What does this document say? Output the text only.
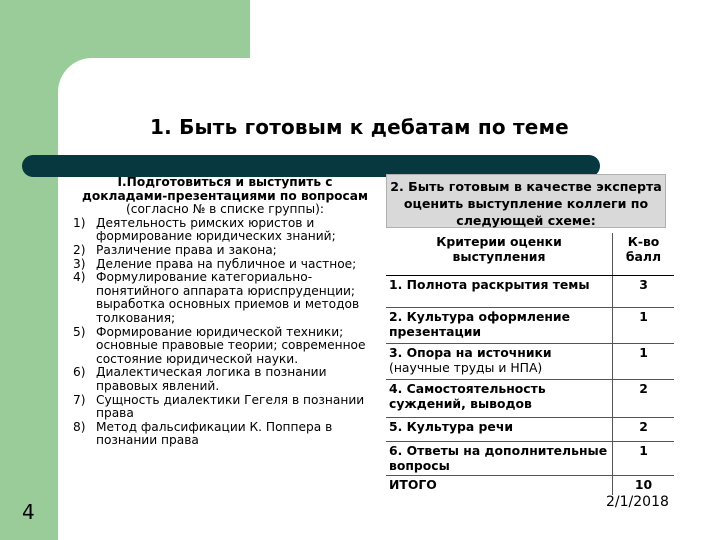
1. Быть готовым к дебатам по теме
I.Подготовиться и выступить с докладами-презентациями по вопросам
(согласно № в списке группы):
1) Деятельность римских юристов и формирование юридических знаний;
2) Различение права и закона;
3) Деление права на публичное и частное;
4) Формулирование категориально-понятийного аппарата юриспруденции; выработка основных приемов и методов толкования;
5) Формирование юридической техники; основные правовые теории; современное состояние юридической науки.
6) Диалектическая логика в познании правовых явлений.
7) Сущность диалектики Гегеля в познании права
8) Метод фальсификации К. Поппера в познании права
2. Быть готовым в качестве эксперта оценить выступление коллеги по следующей схеме:
Критерии оценки выступления	К-во балл

1. Полнота раскрытия темы	3

2. Культура оформление презентации	1

3. Опора на источники
(научные труды и НПА)	1

4. Самостоятельность суждений, выводов	2

5. Культура речи	2

6. Ответы на дополнительные вопросы	1
ИТОГО	10
4	2/1/2018
